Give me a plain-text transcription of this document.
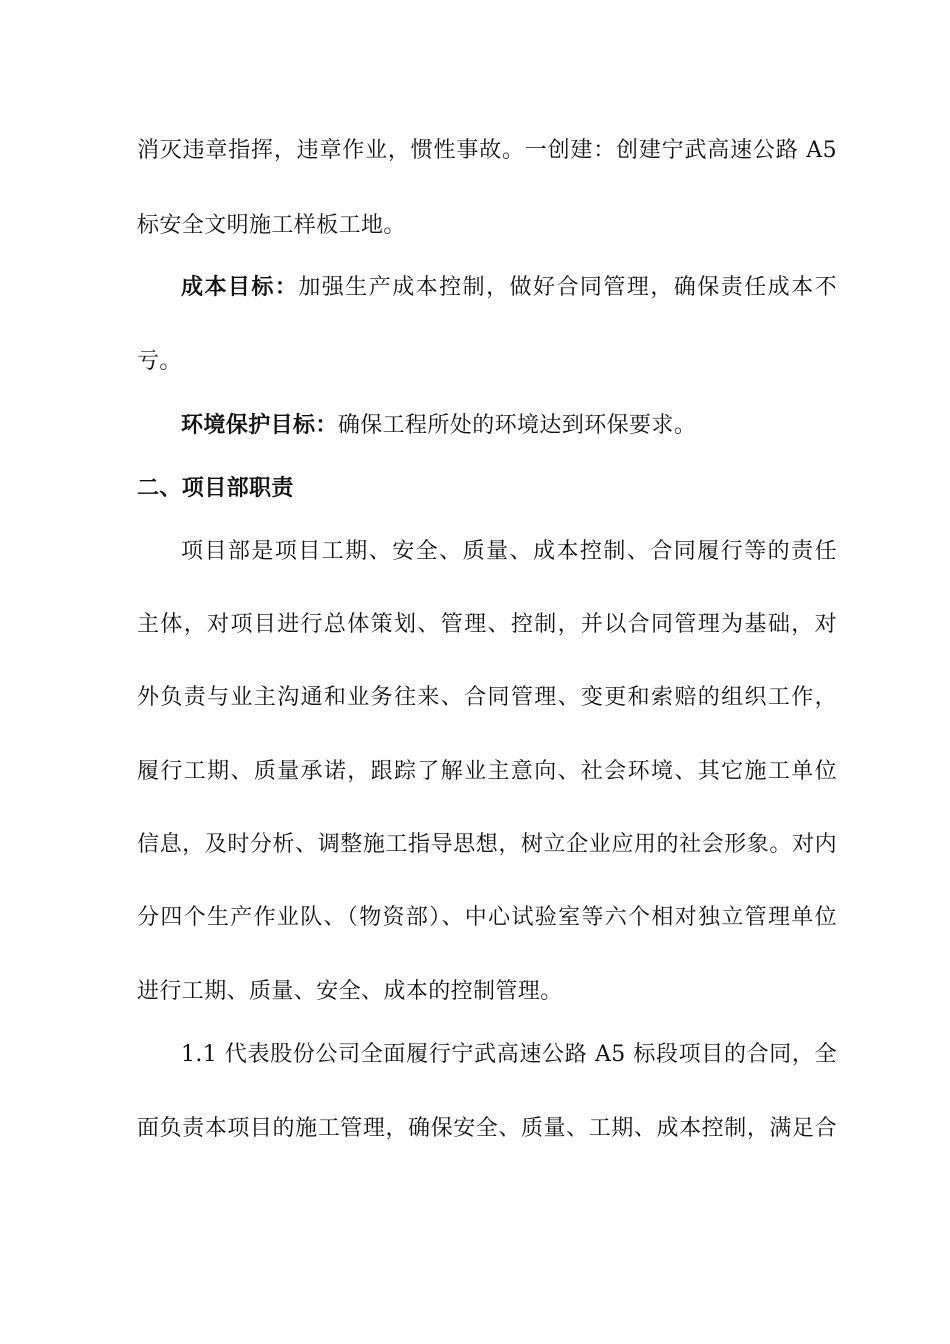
消灭违章指挥，违章作业，惯性事故。一创建：创建宁武高速公路 A5
标安全文明施工样板工地。
成本目标：加强生产成本控制，做好合同管理，确保责任成本不
亏。
环境保护目标：确保工程所处的环境达到环保要求。
二、项目部职责
项目部是项目工期、安全、质量、成本控制、合同履行等的责任
主体，对项目进行总体策划、管理、控制，并以合同管理为基础，对
外负责与业主沟通和业务往来、合同管理、变更和索赔的组织工作，
履行工期、质量承诺，跟踪了解业主意向、社会环境、其它施工单位
信息，及时分析、调整施工指导思想，树立企业应用的社会形象。对内
分四个生产作业队、（物资部）、中心试验室等六个相对独立管理单位
进行工期、质量、安全、成本的控制管理。
1.1 代表股份公司全面履行宁武高速公路 A5 标段项目的合同，全
面负责本项目的施工管理，确保安全、质量、工期、成本控制，满足合
